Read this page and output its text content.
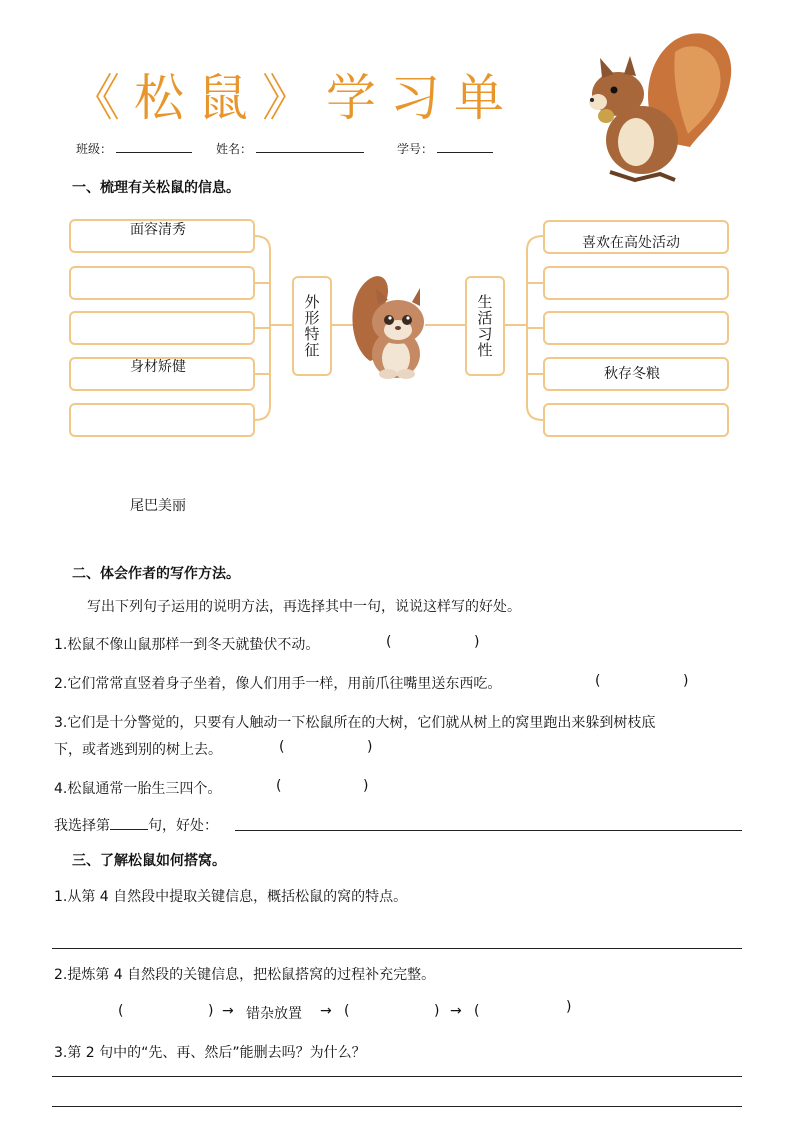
《松鼠》学习单
班级：	姓名：	学号：
一、梳理有关松鼠的信息。
面容清秀
身材矫健
外形特征	生活习性
喜欢在高处活动
秋存冬粮
尾巴美丽
二、体会作者的写作方法。
写出下列句子运用的说明方法，再选择其中一句，说说这样写的好处。
1.松鼠不像山鼠那样一到冬天就蛰伏不动。	(	)
2.它们常常直竖着身子坐着，像人们用手一样，用前爪往嘴里送东西吃。	(	)
3.它们是十分警觉的，只要有人触动一下松鼠所在的大树，它们就从树上的窝里跑出来躲到树枝底
下，或者逃到别的树上去。	(	)
4.松鼠通常一胎生三四个。	(	)
我选择第	句，好处：
三、了解松鼠如何搭窝。
1.从第 4 自然段中提取关键信息，概括松鼠的窝的特点。
2.提炼第 4 自然段的关键信息，把松鼠搭窝的过程补充完整。
(	) → 错杂放置 → (	) → (	)
3.第 2 句中的“先、再、然后”能删去吗？为什么？
